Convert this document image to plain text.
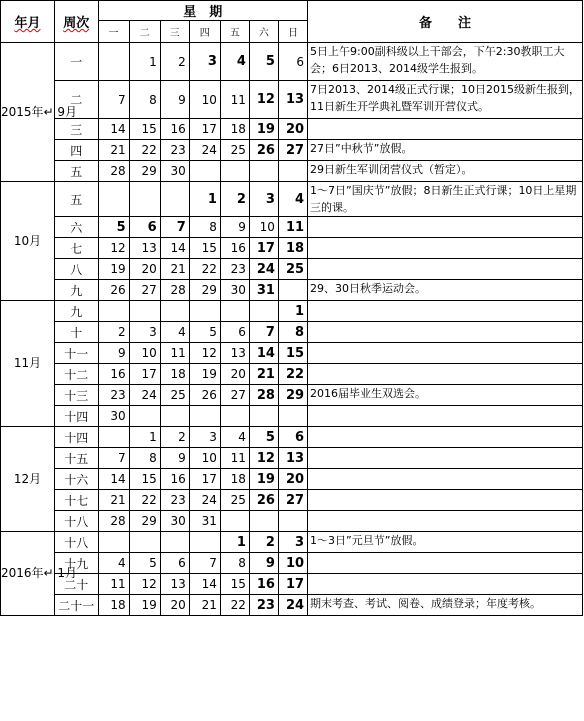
年月	周次	星　期							备　　注
		一	二	三	四	五	六	日	
2015年↵ 9月	一		1	2	3	4	5	6	5日上午9:00副科级以上干部会，下午2:30教职工大会；6日2013、2014级学生报到。
	二	7	8	9	10	11	12	13	7日2013、2014级正式行课；10日2015级新生报到，11日新生开学典礼暨军训开营仪式。
	三	14	15	16	17	18	19	20	
	四	21	22	23	24	25	26	27	27日”中秋节”放假。
	五	28	29	30					29日新生军训闭营仪式（暂定）。
10月	五				1	2	3	4	1～7日”国庆节”放假；8日新生正式行课；10日上星期三的课。
	六	5	6	7	8	9	10	11	
	七	12	13	14	15	16	17	18	
	八	19	20	21	22	23	24	25	
	九	26	27	28	29	30	31		29、30日秋季运动会。
11月	九							1	
	十	2	3	4	5	6	7	8	
	十一	9	10	11	12	13	14	15	
	十二	16	17	18	19	20	21	22	
	十三	23	24	25	26	27	28	29	2016届毕业生双选会。
	十四	30							
12月	十四		1	2	3	4	5	6	
	十五	7	8	9	10	11	12	13	
	十六	14	15	16	17	18	19	20	
	十七	21	22	23	24	25	26	27	
	十八	28	29	30	31				
2016年↵ 1月	十八					1	2	3	1～3日”元旦节”放假。
	十九	4	5	6	7	8	9	10	
	二十	11	12	13	14	15	16	17	
	二十一	18	19	20	21	22	23	24	期末考查、考试、阅卷、成绩登录；年度考核。
